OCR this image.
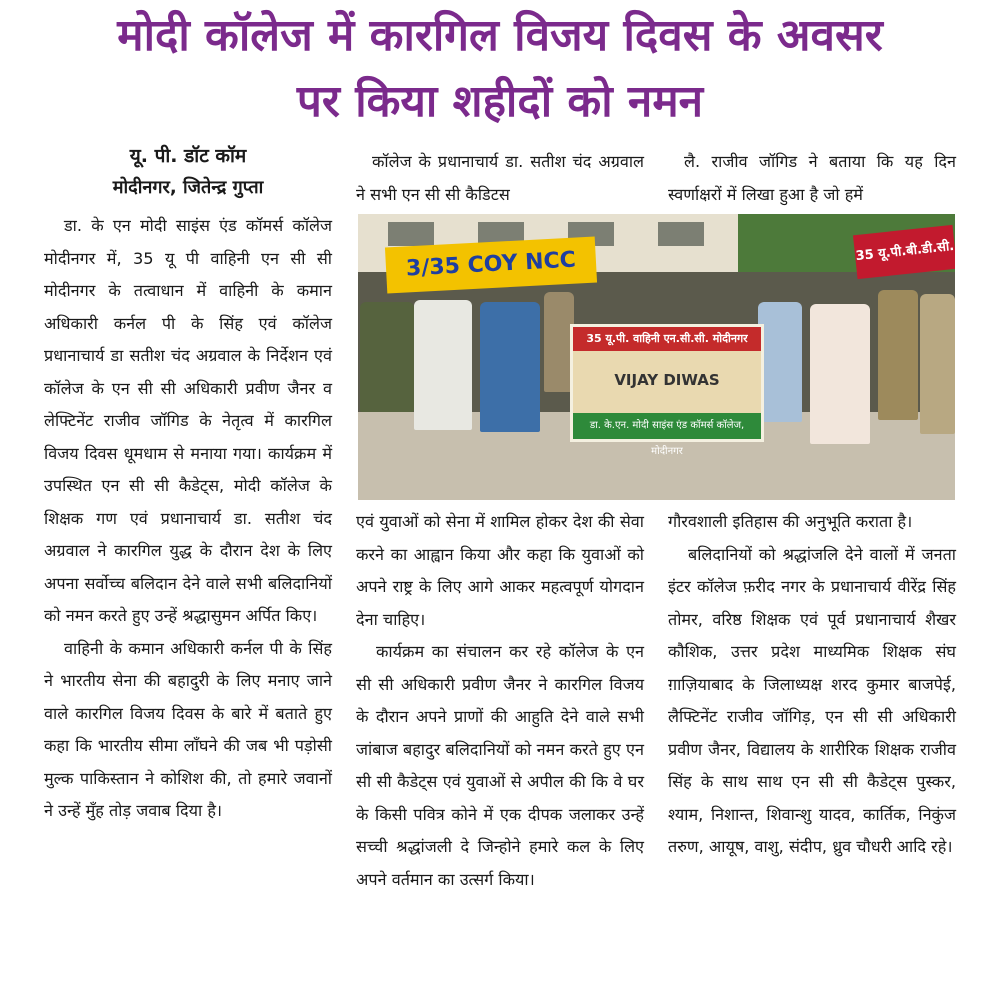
मोदी कॉलेज में कारगिल विजय दिवस के अवसर
पर किया शहीदों को नमन
यू. पी. डॉट कॉम
मोदीनगर, जितेन्द्र गुप्ता

डा. के एन मोदी साइंस एंड कॉमर्स कॉलेज मोदीनगर में, 35 यू पी वाहिनी एन सी सी मोदीनगर के तत्वाधान में वाहिनी के कमान अधिकारी कर्नल पी के सिंह एवं कॉलेज प्रधानाचार्य डा सतीश चंद अग्रवाल के निर्देशन एवं कॉलेज के एन सी सी अधिकारी प्रवीण जैनर व लेफ्टिनेंट राजीव जॉगिड के नेतृत्व में कारगिल विजय दिवस धूमधाम से मनाया गया। कार्यक्रम में उपस्थित एन सी सी कैडेट्स, मोदी कॉलेज के शिक्षक गण एवं प्रधानाचार्य डा. सतीश चंद अग्रवाल ने कारगिल युद्ध के दौरान देश के लिए अपना सर्वोच्च बलिदान देने वाले सभी बलिदानियों को नमन करते हुए उन्हें श्रद्धासुमन अर्पित किए।

वाहिनी के कमान अधिकारी कर्नल पी के सिंह ने भारतीय सेना की बहादुरी के लिए मनाए जाने वाले कारगिल विजय दिवस के बारे में बताते हुए कहा कि भारतीय सीमा लाँघने की जब भी पड़ोसी मुल्क पाकिस्तान ने कोशिश की, तो हमारे जवानों ने उन्हें मुँह तोड़ जवाब दिया है।

कॉलेज के प्रधानाचार्य डा. सतीश चंद अग्रवाल ने सभी एन सी सी कैडिटस

3/35 COY NCC	35 यू.पी.बी.डी.सी.
35 यू.पी. वाहिनी एन.सी.सी. मोदीनगर
VIJAY DIWAS
डा. के.एन. मोदी साइंस एंड कॉमर्स कॉलेज, मोदीनगर

एवं युवाओं को सेना में शामिल होकर देश की सेवा करने का आह्वान किया और कहा कि युवाओं को अपने राष्ट्र के लिए आगे आकर महत्वपूर्ण योगदान देना चाहिए।

कार्यक्रम का संचालन कर रहे कॉलेज के एन सी सी अधिकारी प्रवीण जैनर ने कारगिल विजय के दौरान अपने प्राणों की आहुति देने वाले सभी जांबाज बहादुर बलिदानियों को नमन करते हुए एन सी सी कैडेट्स एवं युवाओं से अपील की कि वे घर के किसी पवित्र कोने में एक दीपक जलाकर उन्हें सच्ची श्रद्धांजली दे जिन्होने हमारे कल के लिए अपने वर्तमान का उत्सर्ग किया।

लै. राजीव जॉगिड ने बताया कि यह दिन स्वर्णाक्षरों में लिखा हुआ है जो हमें

गौरवशाली इतिहास की अनुभूति कराता है।

बलिदानियों को श्रद्धांजलि देने वालों में जनता इंटर कॉलेज फ़रीद नगर के प्रधानाचार्य वीरेंद्र सिंह तोमर, वरिष्ठ शिक्षक एवं पूर्व प्रधानाचार्य शैखर कौशिक, उत्तर प्रदेश माध्यमिक शिक्षक संघ ग़ाज़ियाबाद के जिलाध्यक्ष शरद कुमार बाजपेई, लैफ्टिनेंट राजीव जॉगिड़, एन सी सी अधिकारी प्रवीण जैनर, विद्यालय के शारीरिक शिक्षक राजीव सिंह के साथ साथ एन सी सी कैडेट्स पुस्कर, श्याम, निशान्त, शिवान्शु यादव, कार्तिक, निकुंज तरुण, आयूष, वाशु, संदीप, ध्रुव चौधरी आदि रहे।
